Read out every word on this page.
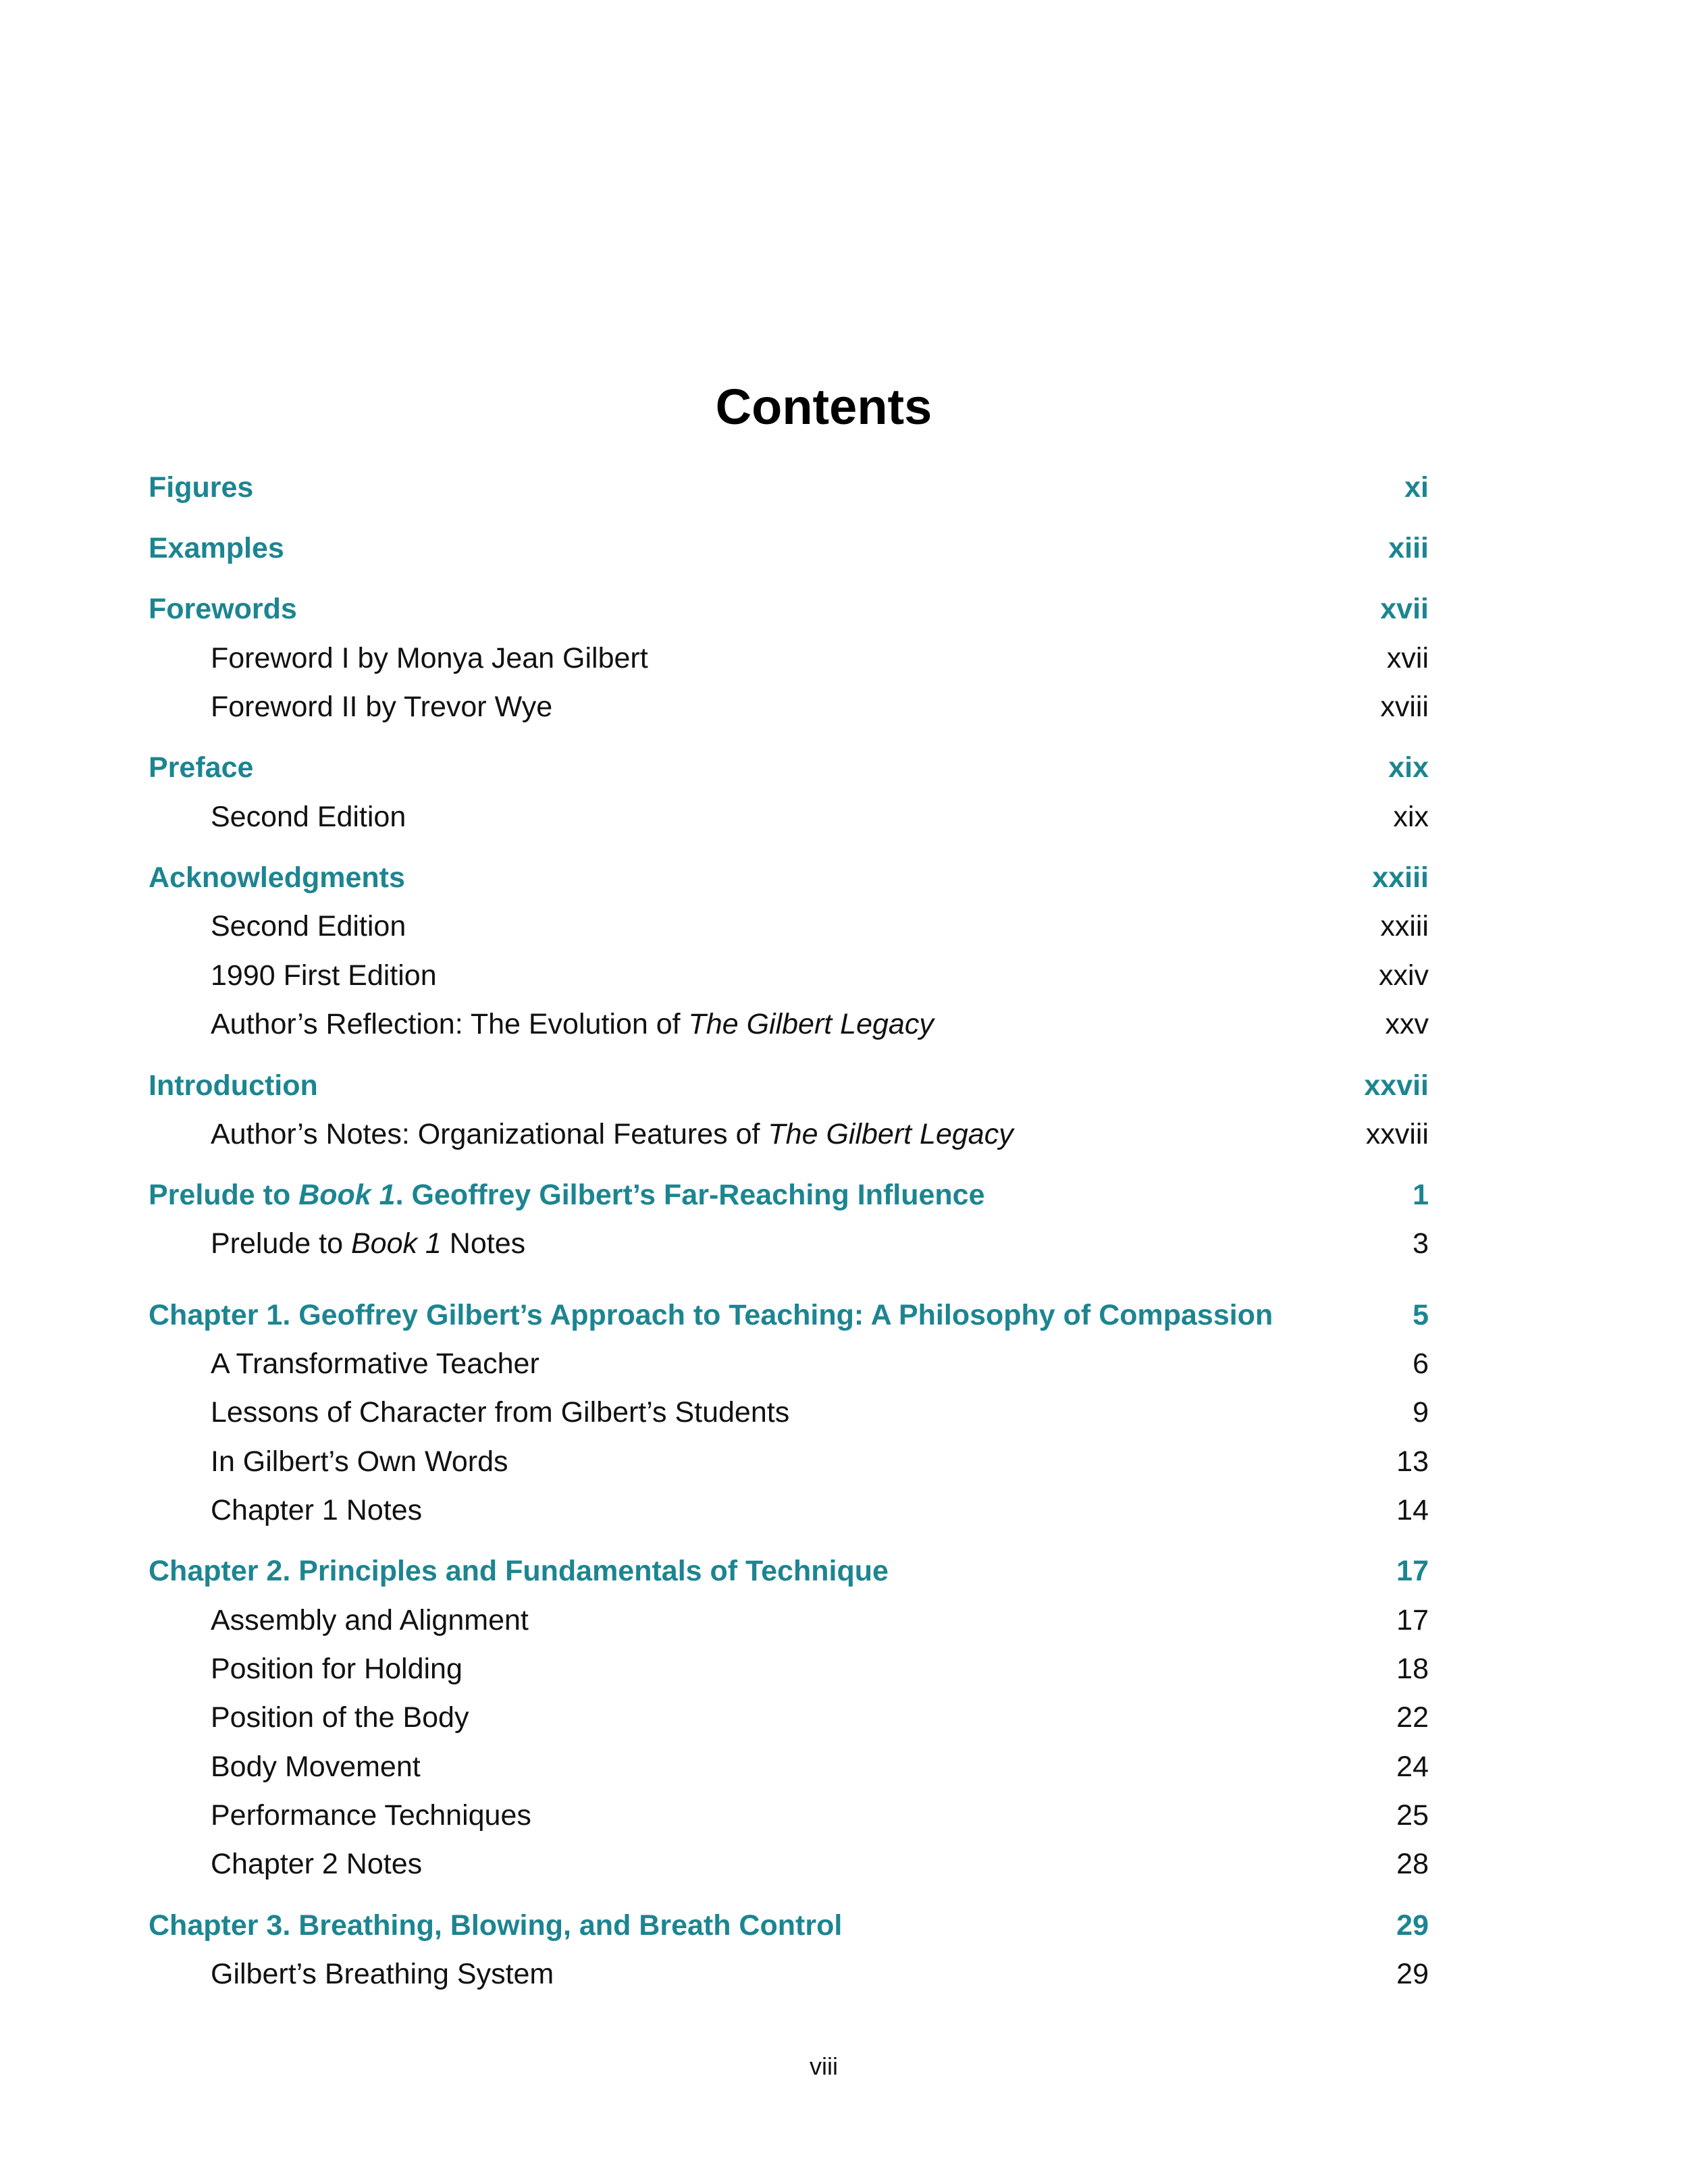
Contents
Figures	xi
Examples	xiii
Forewords	xvii
Foreword I by Monya Jean Gilbert	xvii
Foreword II by Trevor Wye	xviii
Preface	xix
Second Edition	xix
Acknowledgments	xxiii
Second Edition	xxiii
1990 First Edition	xxiv
Author’s Reflection: The Evolution of The Gilbert Legacy	xxv
Introduction	xxvii
Author’s Notes: Organizational Features of The Gilbert Legacy	xxviii
Prelude to Book 1. Geoffrey Gilbert’s Far-Reaching Influence	1
Prelude to Book 1 Notes	3
Chapter 1. Geoffrey Gilbert’s Approach to Teaching: A Philosophy of Compassion	5
A Transformative Teacher	6
Lessons of Character from Gilbert’s Students	9
In Gilbert’s Own Words	13
Chapter 1 Notes	14
Chapter 2. Principles and Fundamentals of Technique	17
Assembly and Alignment	17
Position for Holding	18
Position of the Body	22
Body Movement	24
Performance Techniques	25
Chapter 2 Notes	28
Chapter 3. Breathing, Blowing, and Breath Control	29
Gilbert’s Breathing System	29
viii
